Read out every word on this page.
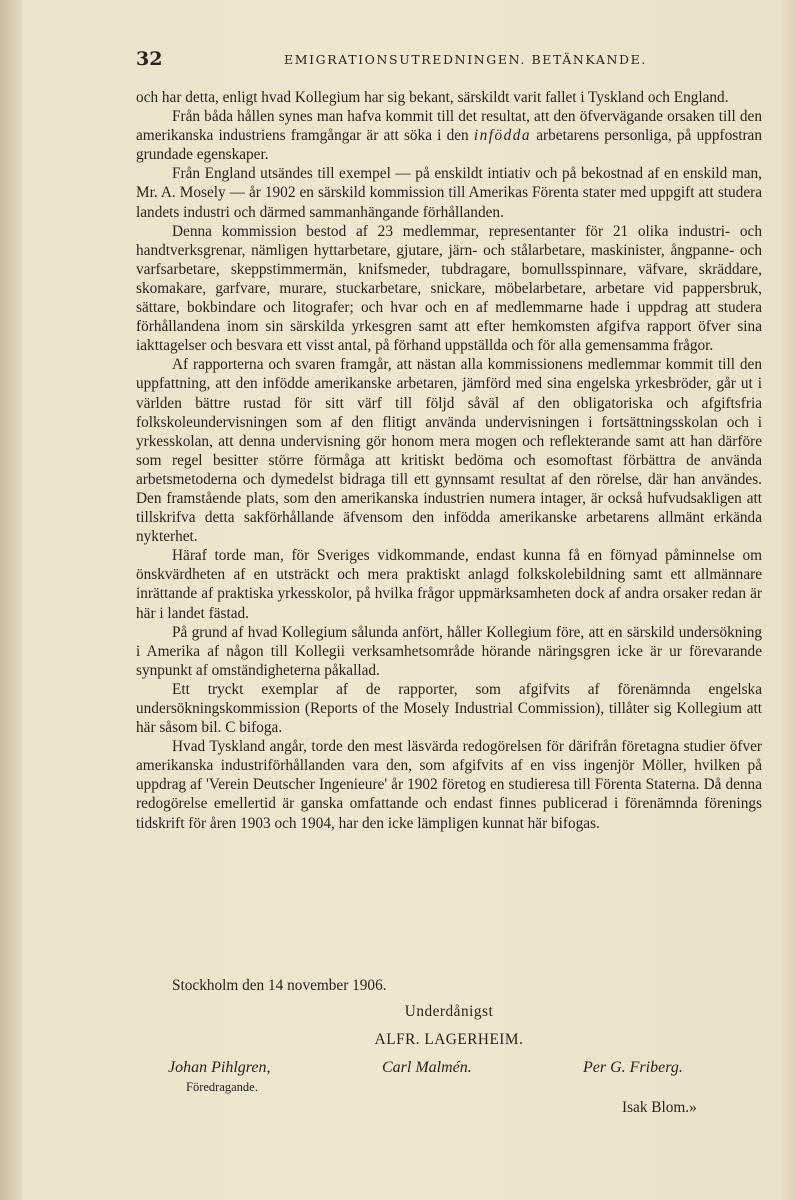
32	EMIGRATIONSUTREDNINGEN. BETÄNKANDE.

och har detta, enligt hvad Kollegium har sig bekant, särskildt varit fallet i Tyskland och England.

Från båda hållen synes man hafva kommit till det resultat, att den öfvervägande orsaken till den amerikanska industriens framgångar är att söka i den infödda arbetarens personliga, på uppfostran grundade egenskaper.

Från England utsändes till exempel — på enskildt intiativ och på bekostnad af en enskild man, Mr. A. Mosely — år 1902 en särskild kommission till Amerikas Förenta stater med uppgift att studera landets industri och därmed sammanhängande förhållanden.

Denna kommission bestod af 23 medlemmar, representanter för 21 olika industri- och handtverksgrenar, nämligen hyttarbetare, gjutare, järn- och stålarbetare, maskinister, ångpanne- och varfsarbetare, skeppstimmermän, knifsmeder, tubdragare, bomullsspinnare, väfvare, skräddare, skomakare, garfvare, murare, stuckarbetare, snickare, möbelarbetare, arbetare vid pappersbruk, sättare, bokbindare och litografer; och hvar och en af medlemmarne hade i uppdrag att studera förhållandena inom sin särskilda yrkesgren samt att efter hemkomsten afgifva rapport öfver sina iakttagelser och besvara ett visst antal, på förhand uppställda och för alla gemensamma frågor.

Af rapporterna och svaren framgår, att nästan alla kommissionens medlemmar kommit till den uppfattning, att den infödde amerikanske arbetaren, jämförd med sina engelska yrkesbröder, går ut i världen bättre rustad för sitt värf till följd såväl af den obligatoriska och afgiftsfria folkskoleundervisningen som af den flitigt använda undervisningen i fortsättningsskolan och i yrkesskolan, att denna undervisning gör honom mera mogen och reflekterande samt att han därföre som regel besitter större förmåga att kritiskt bedöma och esomoftast förbättra de använda arbetsmetoderna och dymedelst bidraga till ett gynnsamt resultat af den rörelse, där han användes. Den framstående plats, som den amerikanska industrien numera intager, är också hufvudsakligen att tillskrifva detta sakförhållande äfvensom den infödda amerikanske arbetarens allmänt erkända nykterhet.

Häraf torde man, för Sveriges vidkommande, endast kunna få en förnyad påminnelse om önskvärdheten af en utsträckt och mera praktiskt anlagd folkskolebildning samt ett allmännare inrättande af praktiska yrkesskolor, på hvilka frågor uppmärksamheten dock af andra orsaker redan är här i landet fästad.

På grund af hvad Kollegium sålunda anfört, håller Kollegium före, att en särskild undersökning i Amerika af någon till Kollegii verksamhetsområde hörande näringsgren icke är ur förevarande synpunkt af omständigheterna påkallad.

Ett tryckt exemplar af de rapporter, som afgifvits af förenämnda engelska undersökningskommission (Reports of the Mosely Industrial Commission), tillåter sig Kollegium att här såsom bil. C bifoga.

Hvad Tyskland angår, torde den mest läsvärda redogörelsen för därifrån företagna studier öfver amerikanska industriförhållanden vara den, som afgifvits af en viss ingenjör Möller, hvilken på uppdrag af 'Verein Deutscher Ingenieure' år 1902 företog en studieresa till Förenta Staterna. Då denna redogörelse emellertid är ganska omfattande och endast finnes publicerad i förenämnda förenings tidskrift för åren 1903 och 1904, har den icke lämpligen kunnat här bifogas.

Stockholm den 14 november 1906.
Underdånigst
ALFR. LAGERHEIM.
Johan Pihlgren,
Föredragande.
Carl Malmén.	Per G. Friberg.
Isak Blom.»
